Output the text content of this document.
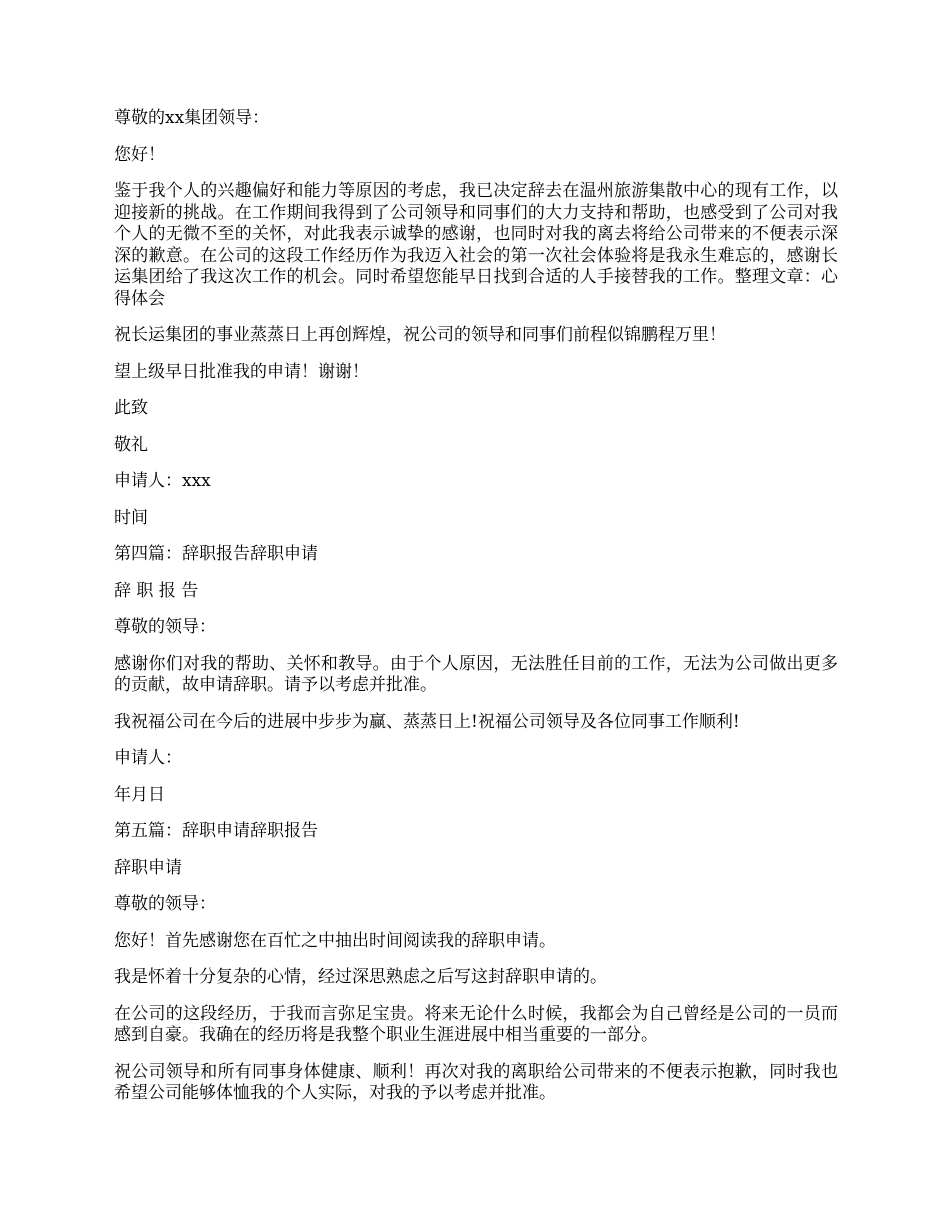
尊敬的xx集团领导：

您好！

鉴于我个人的兴趣偏好和能力等原因的考虑，我已决定辞去在温州旅游集散中心的现有工作，以迎接新的挑战。在工作期间我得到了公司领导和同事们的大力支持和帮助，也感受到了公司对我个人的无微不至的关怀，对此我表示诚挚的感谢，也同时对我的离去将给公司带来的不便表示深深的歉意。在公司的这段工作经历作为我迈入社会的第一次社会体验将是我永生难忘的，感谢长运集团给了我这次工作的机会。同时希望您能早日找到合适的人手接替我的工作。整理文章：心得体会

祝长运集团的事业蒸蒸日上再创辉煌，祝公司的领导和同事们前程似锦鹏程万里！

望上级早日批准我的申请！谢谢！

此致

敬礼

申请人：xxx

时间

第四篇：辞职报告辞职申请

辞 职 报 告

尊敬的领导：

感谢你们对我的帮助、关怀和教导。由于个人原因，无法胜任目前的工作，无法为公司做出更多的贡献，故申请辞职。请予以考虑并批准。

我祝福公司在今后的进展中步步为赢、蒸蒸日上!祝福公司领导及各位同事工作顺利!

申请人：

年月日

第五篇：辞职申请辞职报告

辞职申请

尊敬的领导：

您好！首先感谢您在百忙之中抽出时间阅读我的辞职申请。

我是怀着十分复杂的心情，经过深思熟虑之后写这封辞职申请的。

在公司的这段经历，于我而言弥足宝贵。将来无论什么时候，我都会为自己曾经是公司的一员而感到自豪。我确在的经历将是我整个职业生涯进展中相当重要的一部分。

祝公司领导和所有同事身体健康、顺利！再次对我的离职给公司带来的不便表示抱歉，同时我也希望公司能够体恤我的个人实际，对我的予以考虑并批准。
